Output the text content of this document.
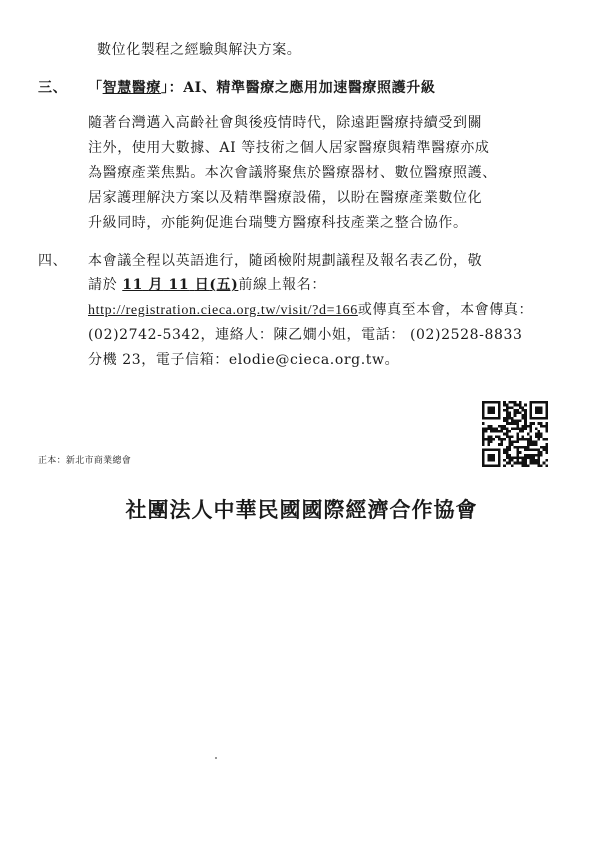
數位化製程之經驗與解決方案。
三、 「智慧醫療」：AI、精準醫療之應用加速醫療照護升級
隨著台灣邁入高齡社會與後疫情時代，除遠距醫療持續受到關
注外，使用大數據、AI 等技術之個人居家醫療與精準醫療亦成
為醫療產業焦點。本次會議將聚焦於醫療器材、數位醫療照護、
居家護理解決方案以及精準醫療設備，以盼在醫療產業數位化
升級同時，亦能夠促進台瑞雙方醫療科技產業之整合協作。
四、 本會議全程以英語進行，隨函檢附規劃議程及報名表乙份，敬
請於 11 月 11 日(五)前線上報名：
http://registration.cieca.org.tw/visit/?d=166或傳真至本會，本會傳真：
(02)2742-5342，連絡人：陳乙嫺小姐，電話： (02)2528-8833
分機 23，電子信箱：elodie@cieca.org.tw。
正本：新北市商業總會
社團法人中華民國國際經濟合作協會
